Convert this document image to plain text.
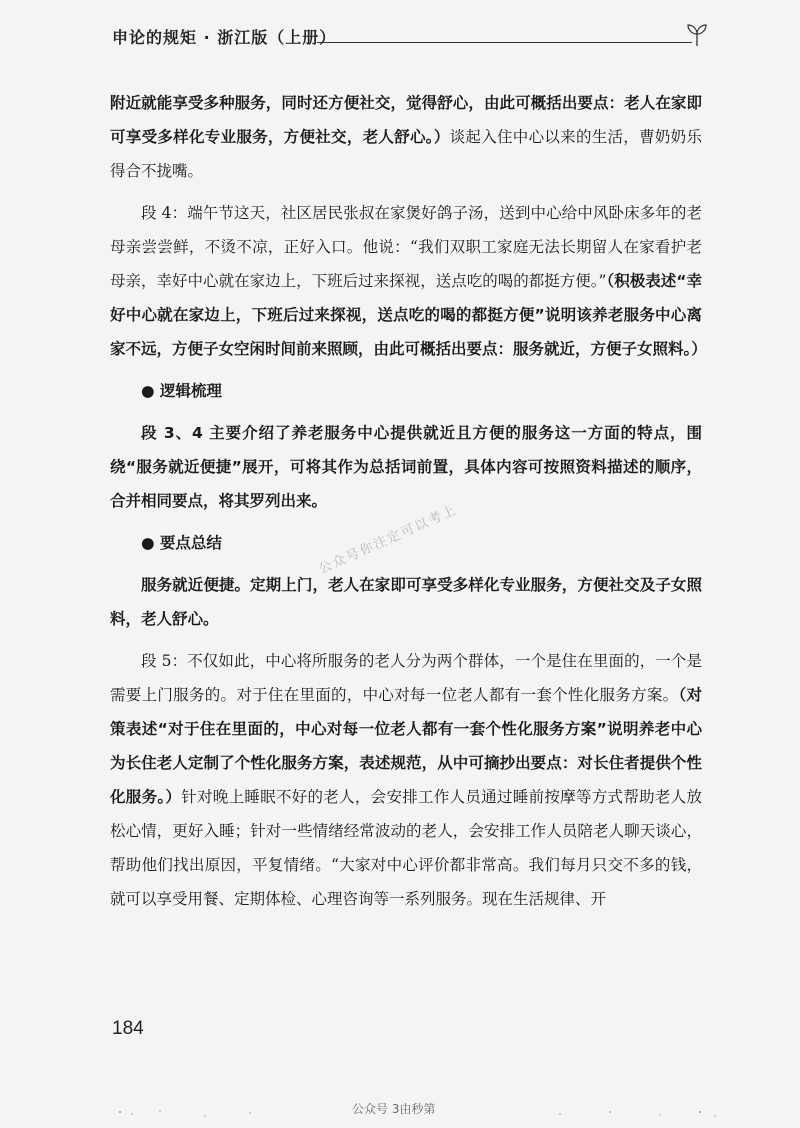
申论的规矩 · 浙江版（上册）

附近就能享受多种服务，同时还方便社交，觉得舒心，由此可概括出要点：老人在家即可享受多样化专业服务，方便社交，老人舒心。）谈起入住中心以来的生活，曹奶奶乐得合不拢嘴。

段 4：端午节这天，社区居民张叔在家煲好鸽子汤，送到中心给中风卧床多年的老母亲尝尝鲜，不烫不凉，正好入口。他说：“我们双职工家庭无法长期留人在家看护老母亲，幸好中心就在家边上，下班后过来探视，送点吃的喝的都挺方便。”（积极表述“幸好中心就在家边上，下班后过来探视，送点吃的喝的都挺方便”说明该养老服务中心离家不远，方便子女空闲时间前来照顾，由此可概括出要点：服务就近，方便子女照料。）

● 逻辑梳理

段 3、4 主要介绍了养老服务中心提供就近且方便的服务这一方面的特点，围绕“服务就近便捷”展开，可将其作为总括词前置，具体内容可按照资料描述的顺序，合并相同要点，将其罗列出来。

● 要点总结

服务就近便捷。定期上门，老人在家即可享受多样化专业服务，方便社交及子女照料，老人舒心。

段 5：不仅如此，中心将所服务的老人分为两个群体，一个是住在里面的，一个是需要上门服务的。对于住在里面的，中心对每一位老人都有一套个性化服务方案。（对策表述“对于住在里面的，中心对每一位老人都有一套个性化服务方案”说明养老中心为长住老人定制了个性化服务方案，表述规范，从中可摘抄出要点：对长住者提供个性化服务。）针对晚上睡眠不好的老人，会安排工作人员通过睡前按摩等方式帮助老人放松心情，更好入睡；针对一些情绪经常波动的老人，会安排工作人员陪老人聊天谈心，帮助他们找出原因，平复情绪。“大家对中心评价都非常高。我们每月只交不多的钱，就可以享受用餐、定期体检、心理咨询等一系列服务。现在生活规律、开

公众号你注定可以考上
184
公众号 3由秒第
